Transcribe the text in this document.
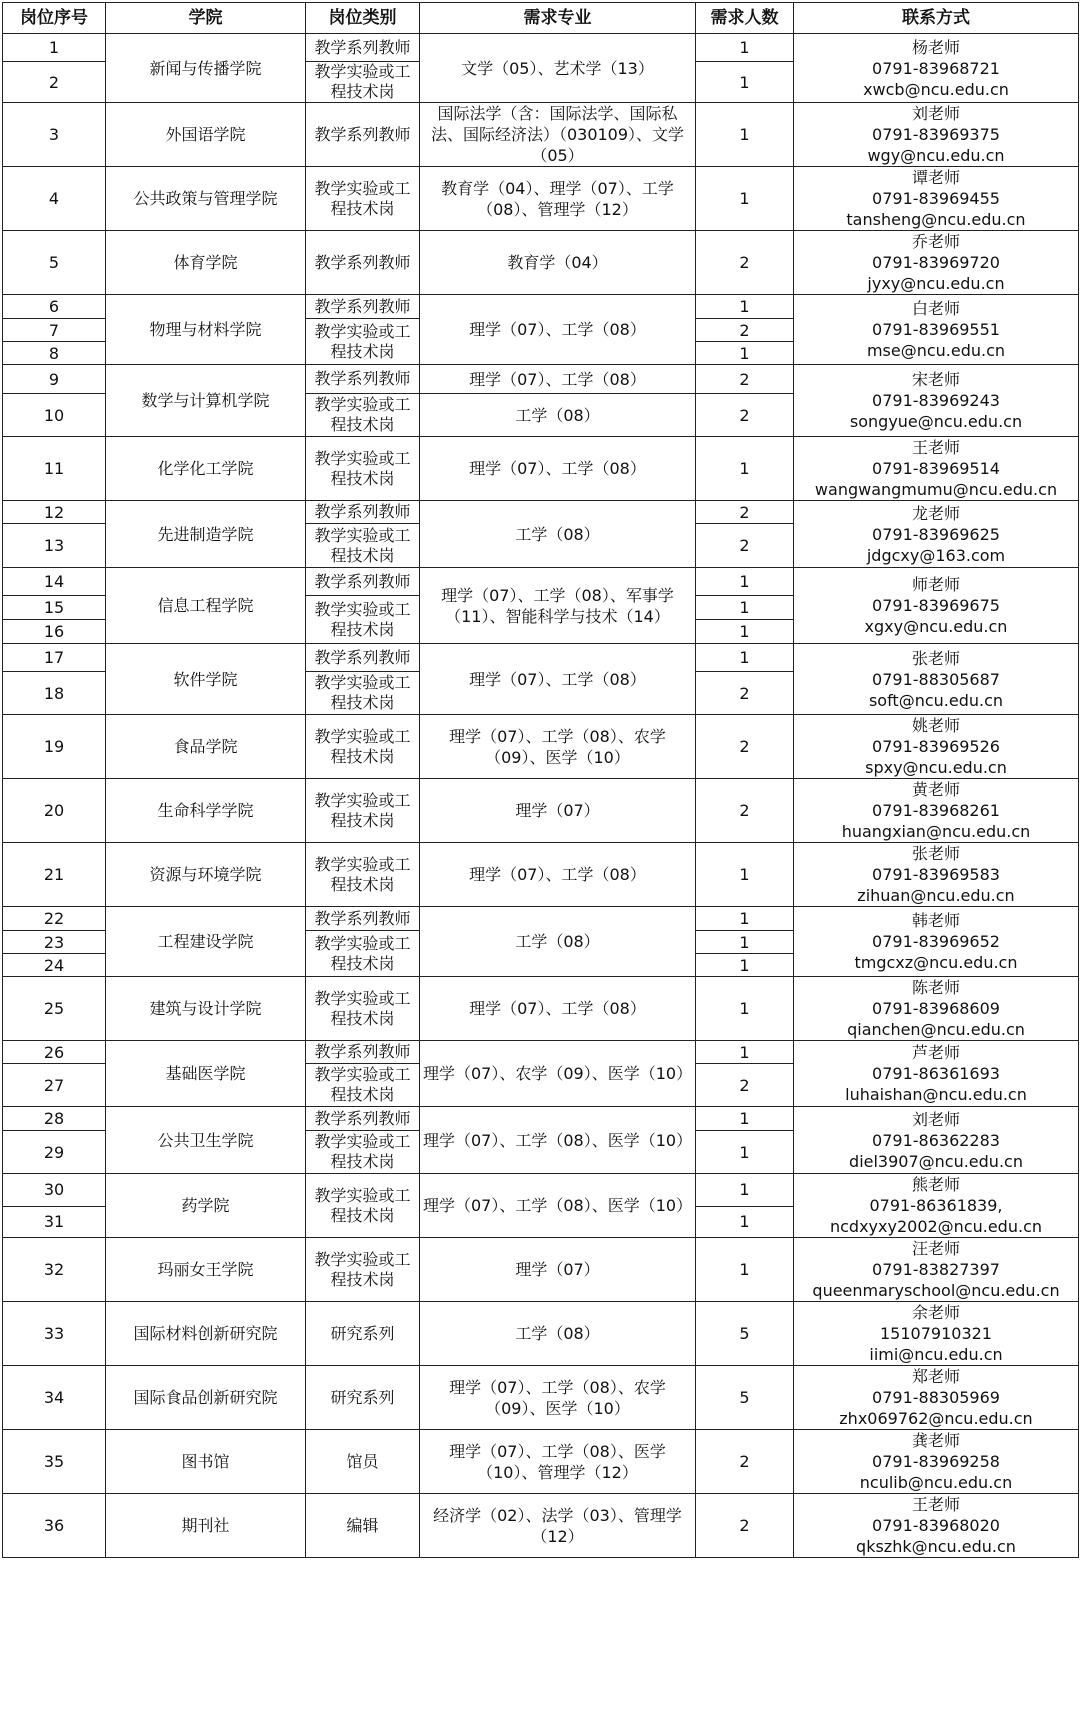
岗位序号	学院	岗位类别	需求专业	需求人数	联系方式
1	新闻与传播学院	教学系列教师	文学（05）、艺术学（13）	1	杨老师
0791-83968721
xwcb@ncu.edu.cn

2		教学实验或工程技术岗		1	
3	外国语学院	教学系列教师	国际法学（含：国际法学、国际私法、国际经济法）（030109）、文学（05）	1	刘老师
0791-83969375
wgy@ncu.edu.cn

4	公共政策与管理学院	教学实验或工程技术岗	教育学（04）、理学（07）、工学（08）、管理学（12）	1	谭老师
0791-83969455
tansheng@ncu.edu.cn

5	体育学院	教学系列教师	教育学（04）	2	乔老师
0791-83969720
jyxy@ncu.edu.cn

6	物理与材料学院	教学系列教师	理学（07）、工学（08）	1	白老师
0791-83969551
mse@ncu.edu.cn

7		教学实验或工程技术岗		2	
8				1	
9	数学与计算机学院	教学系列教师	理学（07）、工学（08）	2	宋老师
0791-83969243
songyue@ncu.edu.cn

10		教学实验或工程技术岗	工学（08）	2	
11	化学化工学院	教学实验或工程技术岗	理学（07）、工学（08）	1	王老师
0791-83969514
wangwangmumu@ncu.edu.cn

12	先进制造学院	教学系列教师	工学（08）	2	龙老师
0791-83969625
jdgcxy@163.com

13		教学实验或工程技术岗		2	
14	信息工程学院	教学系列教师	理学（07）、工学（08）、军事学（11）、智能科学与技术（14）	1	师老师
0791-83969675
xgxy@ncu.edu.cn

15		教学实验或工程技术岗		1	
16				1	
17	软件学院	教学系列教师	理学（07）、工学（08）	1	张老师
0791-88305687
soft@ncu.edu.cn

18		教学实验或工程技术岗		2	
19	食品学院	教学实验或工程技术岗	理学（07）、工学（08）、农学（09）、医学（10）	2	姚老师
0791-83969526
spxy@ncu.edu.cn

20	生命科学学院	教学实验或工程技术岗	理学（07）	2	黄老师
0791-83968261
huangxian@ncu.edu.cn

21	资源与环境学院	教学实验或工程技术岗	理学（07）、工学（08）	1	张老师
0791-83969583
zihuan@ncu.edu.cn

22	工程建设学院	教学系列教师	工学（08）	1	韩老师
0791-83969652
tmgcxz@ncu.edu.cn

23		教学实验或工程技术岗		1	
24				1	
25	建筑与设计学院	教学实验或工程技术岗	理学（07）、工学（08）	1	陈老师
0791-83968609
qianchen@ncu.edu.cn

26	基础医学院	教学系列教师	理学（07）、农学（09）、医学（10）	1	芦老师
0791-86361693
luhaishan@ncu.edu.cn

27		教学实验或工程技术岗		2	
28	公共卫生学院	教学系列教师	理学（07）、工学（08）、医学（10）	1	刘老师
0791-86362283
diel3907@ncu.edu.cn

29		教学实验或工程技术岗		1	
30	药学院	教学实验或工程技术岗	理学（07）、工学（08）、医学（10）	1	熊老师
0791-86361839,
ncdxyxy2002@ncu.edu.cn

31				1	
32	玛丽女王学院	教学实验或工程技术岗	理学（07）	1	汪老师
0791-83827397
queenmaryschool@ncu.edu.cn

33	国际材料创新研究院	研究系列	工学（08）	5	余老师
15107910321
iimi@ncu.edu.cn

34	国际食品创新研究院	研究系列	理学（07）、工学（08）、农学（09）、医学（10）	5	郑老师
0791-88305969
zhx069762@ncu.edu.cn

35	图书馆	馆员	理学（07）、工学（08）、医学（10）、管理学（12）	2	龚老师
0791-83969258
nculib@ncu.edu.cn

36	期刊社	编辑	经济学（02）、法学（03）、管理学（12）	2	王老师
0791-83968020
qkszhk@ncu.edu.cn
